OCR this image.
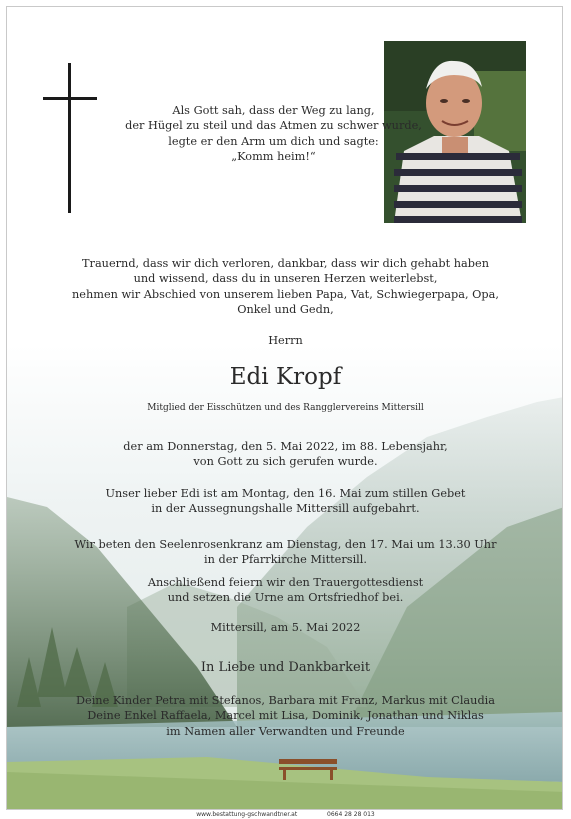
Als Gott sah, dass der Weg zu lang,
der Hügel zu steil und das Atmen zu schwer wurde,
legte er den Arm um dich und sagte:
„Komm heim!“
Trauernd, dass wir dich verloren, dankbar, dass wir dich gehabt haben
und wissend, dass du in unseren Herzen weiterlebst,
nehmen wir Abschied von unserem lieben Papa, Vat, Schwiegerpapa, Opa,
Onkel und Gedn,
Herrn
Edi Kropf
Mitglied der Eisschützen und des Rangglervereins Mittersill
der am Donnerstag, den 5. Mai 2022, im 88. Lebensjahr,
von Gott zu sich gerufen wurde.
Unser lieber Edi ist am Montag, den 16. Mai zum stillen Gebet
in der Aussegnungshalle Mittersill aufgebahrt.
Wir beten den Seelenrosenkranz am Dienstag, den 17. Mai um 13.30 Uhr
in der Pfarrkirche Mittersill.
Anschließend feiern wir den Trauergottesdienst
und setzen die Urne am Ortsfriedhof bei.
Mittersill, am 5. Mai 2022
In Liebe und Dankbarkeit
Deine Kinder Petra mit Stefanos, Barbara mit Franz, Markus mit Claudia
Deine Enkel Raffaela, Marcel mit Lisa, Dominik, Jonathan und Niklas
im Namen aller Verwandten und Freunde
www.bestattung-gschwandtner.at	0664 28 28 013
